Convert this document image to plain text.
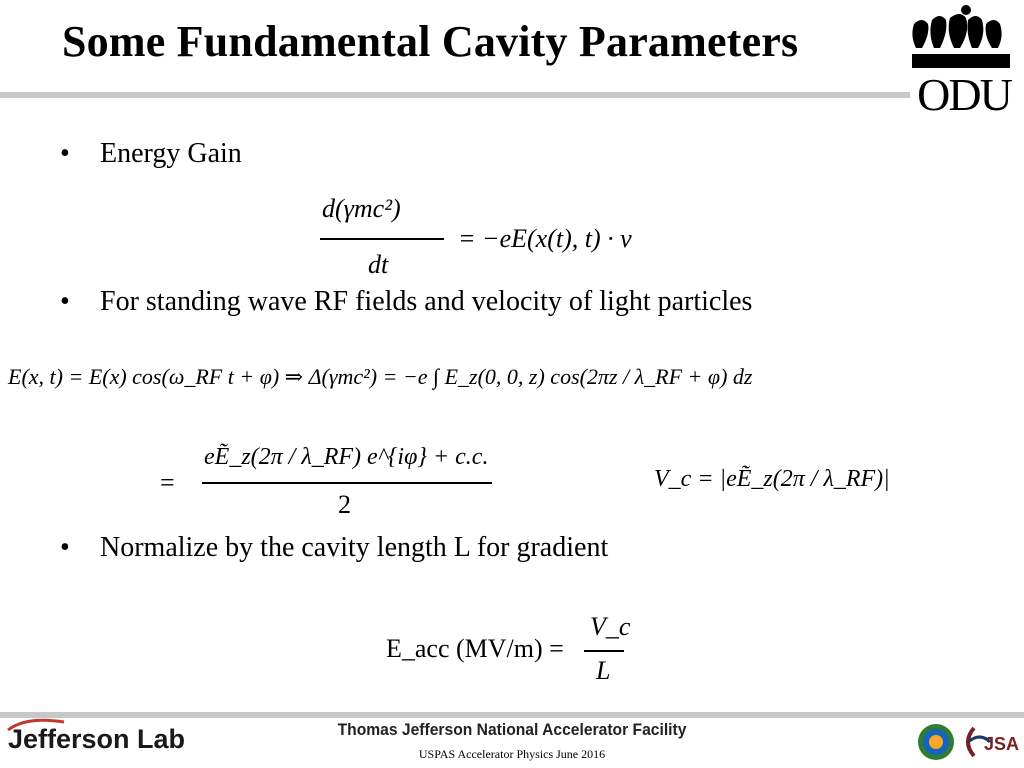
Some Fundamental Cavity Parameters
ODU
• Energy Gain
d(γmc²)
dt
= −eE(x(t), t) · v
• For standing wave RF fields and velocity of light particles
E(x, t) = E(x) cos(ω_RF t + φ) ⇒ Δ(γmc²) = −e ∫ E_z(0, 0, z) cos(2πz / λ_RF + φ) dz
=
eẼ_z(2π / λ_RF) e^{iφ} + c.c.
2
V_c = |eẼ_z(2π / λ_RF)|
• Normalize by the cavity length L for gradient
E_acc (MV/m) =
V_c
L
Jefferson Lab	Thomas Jefferson National Accelerator Facility
USPAS Accelerator Physics June 2016	JSA
